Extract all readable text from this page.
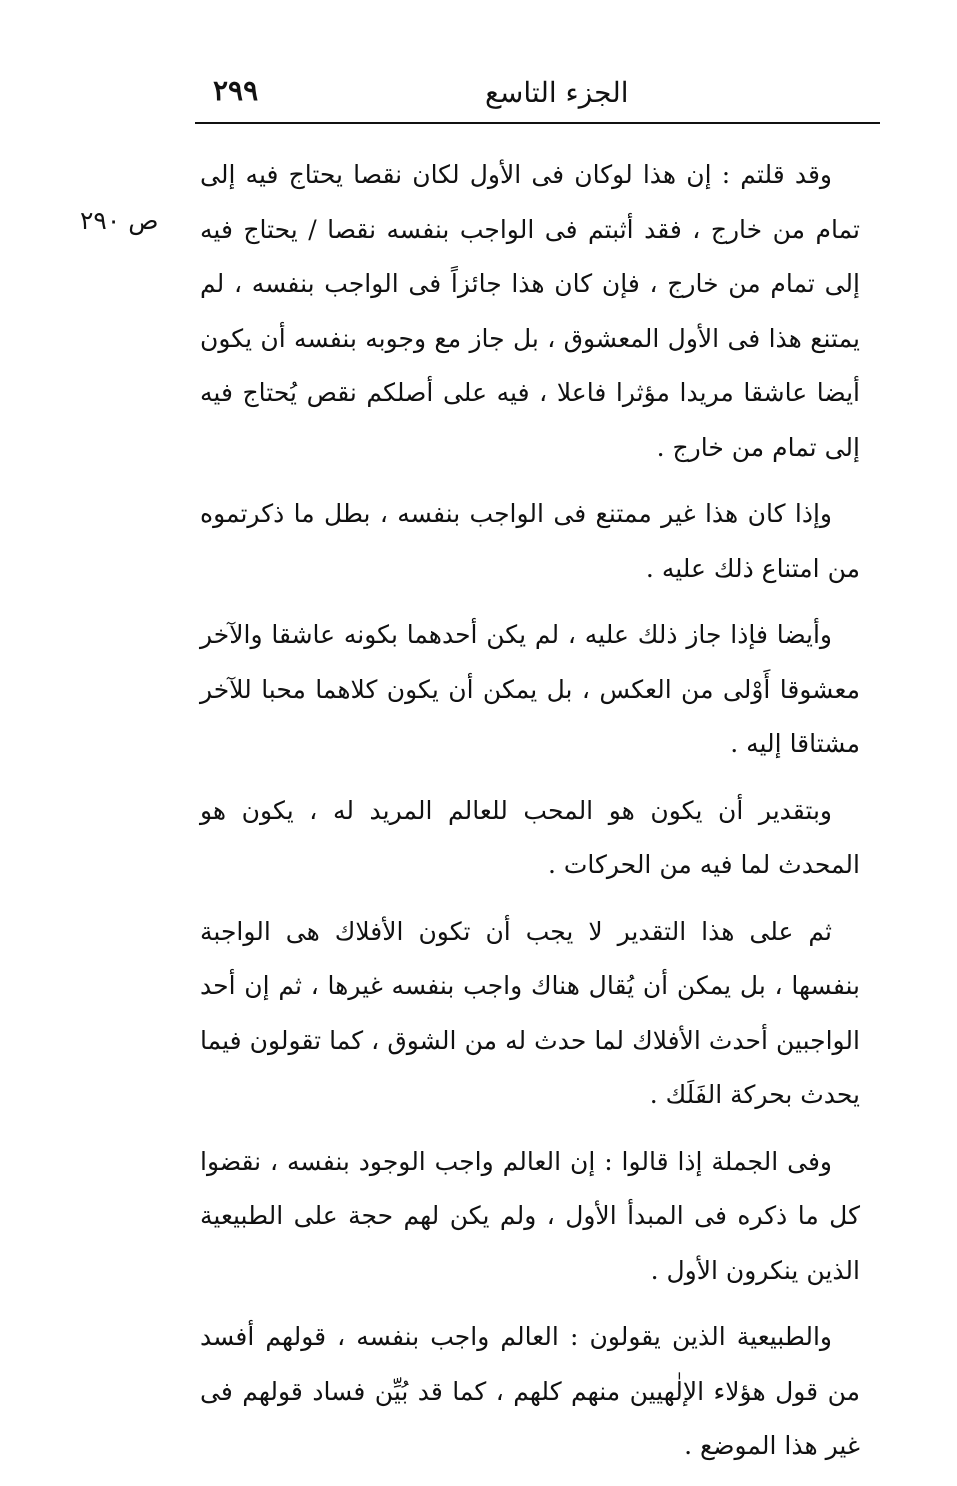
٢٩٩	الجزء التاسع
ص ٢٩٠

وقد قلتم : إن هذا لوكان فى الأول لكان نقصا يحتاج فيه إلى تمام من خارج ، فقد أثبتم فى الواجب بنفسه نقصا / يحتاج فيه إلى تمام من خارج ، فإن كان هذا جائزاً فى الواجب بنفسه ، لم يمتنع هذا فى الأول المعشوق ، بل جاز مع وجوبه بنفسه أن يكون أيضا عاشقا مريدا مؤثرا فاعلا ، فيه على أصلكم نقص يُحتاج فيه إلى تمام من خارج .

وإذا كان هذا غير ممتنع فى الواجب بنفسه ، بطل ما ذكرتموه من امتناع ذلك عليه .

وأيضا فإذا جاز ذلك عليه ، لم يكن أحدهما بكونه عاشقا والآخر معشوقا أَوْلى من العكس ، بل يمكن أن يكون كلاهما محبا للآخر مشتاقا إليه .

وبتقدير أن يكون هو المحب للعالم المريد له ، يكون هو المحدث لما فيه من الحركات .

ثم على هذا التقدير لا يجب أن تكون الأفلاك هى الواجبة بنفسها ، بل يمكن أن يُقال هناك واجب بنفسه غيرها ، ثم إن أحد الواجبين أحدث الأفلاك لما حدث له من الشوق ، كما تقولون فيما يحدث بحركة الفَلَك .

وفى الجملة إذا قالوا : إن العالم واجب الوجود بنفسه ، نقضوا كل ما ذكره فى المبدأ الأول ، ولم يكن لهم حجة على الطبيعية الذين ينكرون الأول .

والطبيعية الذين يقولون : العالم واجب بنفسه ، قولهم أفسد من قول هؤلاء الإلٰهيين منهم كلهم ، كما قد بُيِّن فساد قولهم فى غير هذا الموضع .
